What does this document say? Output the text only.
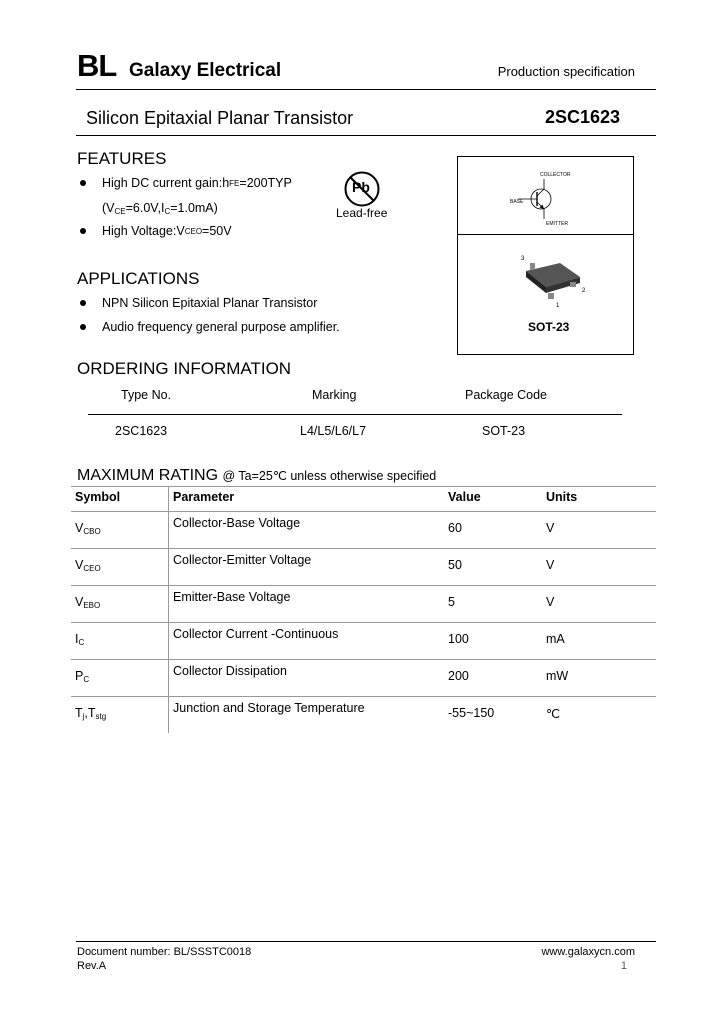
BL Galaxy Electrical	Production specification
Silicon Epitaxial Planar Transistor	2SC1623
FEATURES
High DC current gain:h FE =200TYP
$(V_{CE}=6.0V,I_C=1.0mA)$
High Voltage:V CEO =50V
Pb
Lead-free
COLLECTOR
BASE
EMITTER
3
2
1
SOT-23
APPLICATIONS
NPN Silicon Epitaxial Planar Transistor
Audio frequency general purpose amplifier.
ORDERING INFORMATION
Type No.	Marking	Package Code
2SC1623	L4/L5/L6/L7	SOT-23
MAXIMUM RATING @ Ta=25℃ unless otherwise specified
Symbol	Parameter	Value	Units
$V_{CBO}$	Collector-Base Voltage	60	V
$V_{CEO}$	Collector-Emitter Voltage	50	V
$V_{EBO}$	Emitter-Base Voltage	5	V
$I_C$	Collector Current -Continuous	100	mA
$P_C$	Collector Dissipation	200	mW
$T_j,T_{stg}$	Junction and Storage Temperature	-55~150	℃
Document number: BL/SSSTC0018
Rev.A
www.galaxycn.com
1
